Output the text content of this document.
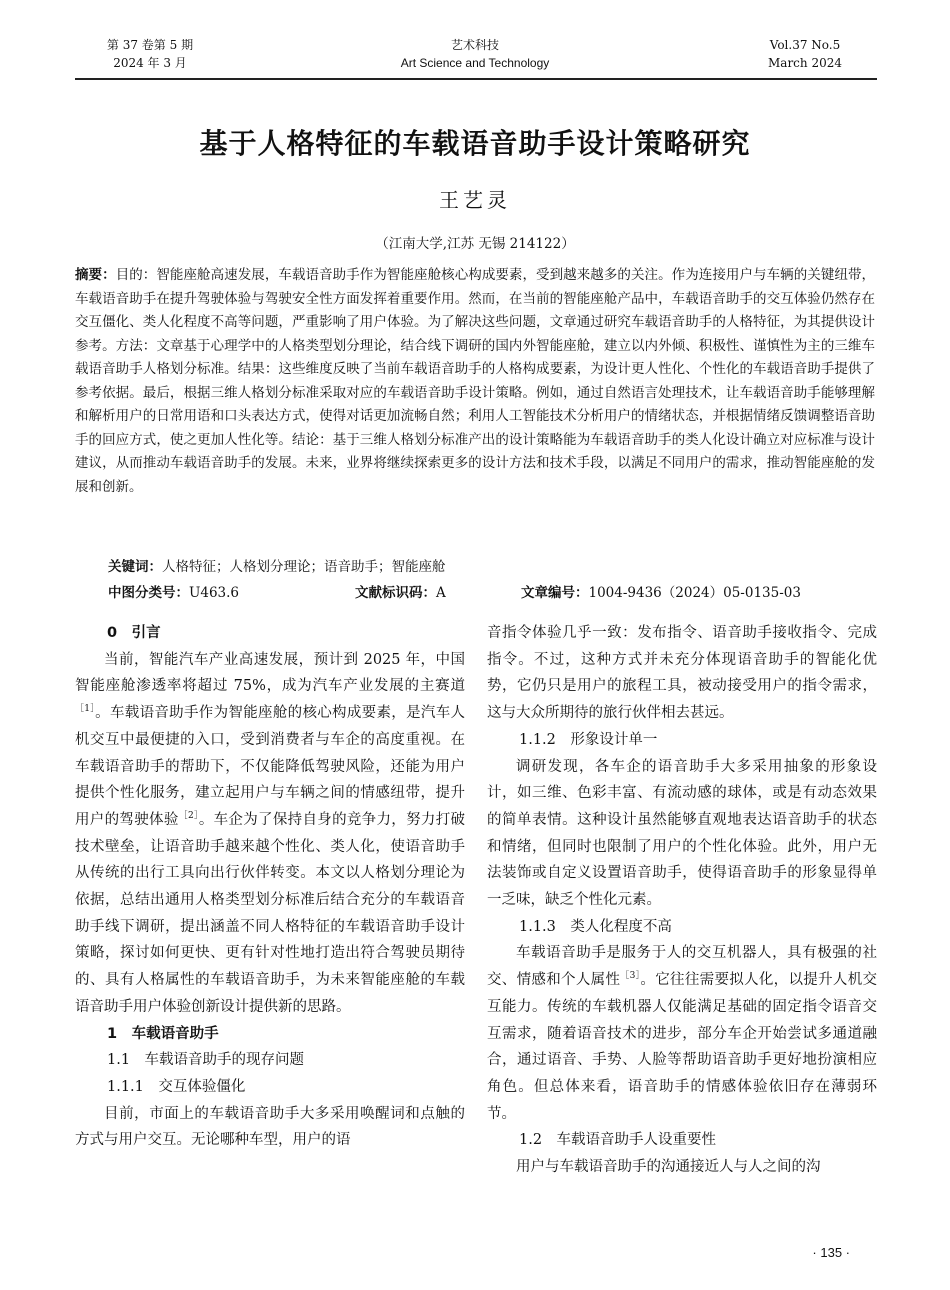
第 37 卷第 5 期
2024 年 3 月
艺术科技
Art Science and Technology
Vol.37 No.5
March 2024
基于人格特征的车载语音助手设计策略研究

王艺灵

（江南大学,江苏 无锡 214122）

摘要：目的：智能座舱高速发展，车载语音助手作为智能座舱核心构成要素，受到越来越多的关注。作为连接用户与车辆的关键纽带，车载语音助手在提升驾驶体验与驾驶安全性方面发挥着重要作用。然而，在当前的智能座舱产品中，车载语音助手的交互体验仍然存在交互僵化、类人化程度不高等问题，严重影响了用户体验。为了解决这些问题，文章通过研究车载语音助手的人格特征，为其提供设计参考。方法：文章基于心理学中的人格类型划分理论，结合线下调研的国内外智能座舱，建立以内外倾、积极性、谨慎性为主的三维车载语音助手人格划分标准。结果：这些维度反映了当前车载语音助手的人格构成要素，为设计更人性化、个性化的车载语音助手提供了参考依据。最后，根据三维人格划分标准采取对应的车载语音助手设计策略。例如，通过自然语言处理技术，让车载语音助手能够理解和解析用户的日常用语和口头表达方式，使得对话更加流畅自然；利用人工智能技术分析用户的情绪状态，并根据情绪反馈调整语音助手的回应方式，使之更加人性化等。结论：基于三维人格划分标准产出的设计策略能为车载语音助手的类人化设计确立对应标准与设计建议，从而推动车载语音助手的发展。未来，业界将继续探索更多的设计方法和技术手段，以满足不同用户的需求，推动智能座舱的发展和创新。

关键词：人格特征；人格划分理论；语音助手；智能座舱

中图分类号：U463.6	文献标识码：A	文章编号：1004-9436（2024）05-0135-03

0　引言

当前，智能汽车产业高速发展，预计到 2025 年，中国智能座舱渗透率将超过 75%，成为汽车产业发展的主赛道$^{[1]}$。车载语音助手作为智能座舱的核心构成要素，是汽车人机交互中最便捷的入口，受到消费者与车企的高度重视。在车载语音助手的帮助下，不仅能降低驾驶风险，还能为用户提供个性化服务，建立起用户与车辆之间的情感纽带，提升用户的驾驶体验$^{[2]}$。车企为了保持自身的竞争力，努力打破技术壁垒，让语音助手越来越个性化、类人化，使语音助手从传统的出行工具向出行伙伴转变。本文以人格划分理论为依据，总结出通用人格类型划分标准后结合充分的车载语音助手线下调研，提出涵盖不同人格特征的车载语音助手设计策略，探讨如何更快、更有针对性地打造出符合驾驶员期待的、具有人格属性的车载语音助手，为未来智能座舱的车载语音助手用户体验创新设计提供新的思路。

1　车载语音助手

1.1　车载语音助手的现存问题

1.1.1　交互体验僵化

目前，市面上的车载语音助手大多采用唤醒词和点触的方式与用户交互。无论哪种车型，用户的语

音指令体验几乎一致：发布指令、语音助手接收指令、完成指令。不过，这种方式并未充分体现语音助手的智能化优势，它仍只是用户的旅程工具，被动接受用户的指令需求，这与大众所期待的旅行伙伴相去甚远。

1.1.2　形象设计单一

调研发现，各车企的语音助手大多采用抽象的形象设计，如三维、色彩丰富、有流动感的球体，或是有动态效果的简单表情。这种设计虽然能够直观地表达语音助手的状态和情绪，但同时也限制了用户的个性化体验。此外，用户无法装饰或自定义设置语音助手，使得语音助手的形象显得单一乏味，缺乏个性化元素。

1.1.3　类人化程度不高

车载语音助手是服务于人的交互机器人，具有极强的社交、情感和个人属性$^{[3]}$。它往往需要拟人化，以提升人机交互能力。传统的车载机器人仅能满足基础的固定指令语音交互需求，随着语音技术的进步，部分车企开始尝试多通道融合，通过语音、手势、人脸等帮助语音助手更好地扮演相应角色。但总体来看，语音助手的情感体验依旧存在薄弱环节。

1.2　车载语音助手人设重要性

用户与车载语音助手的沟通接近人与人之间的沟

· 135 ·
